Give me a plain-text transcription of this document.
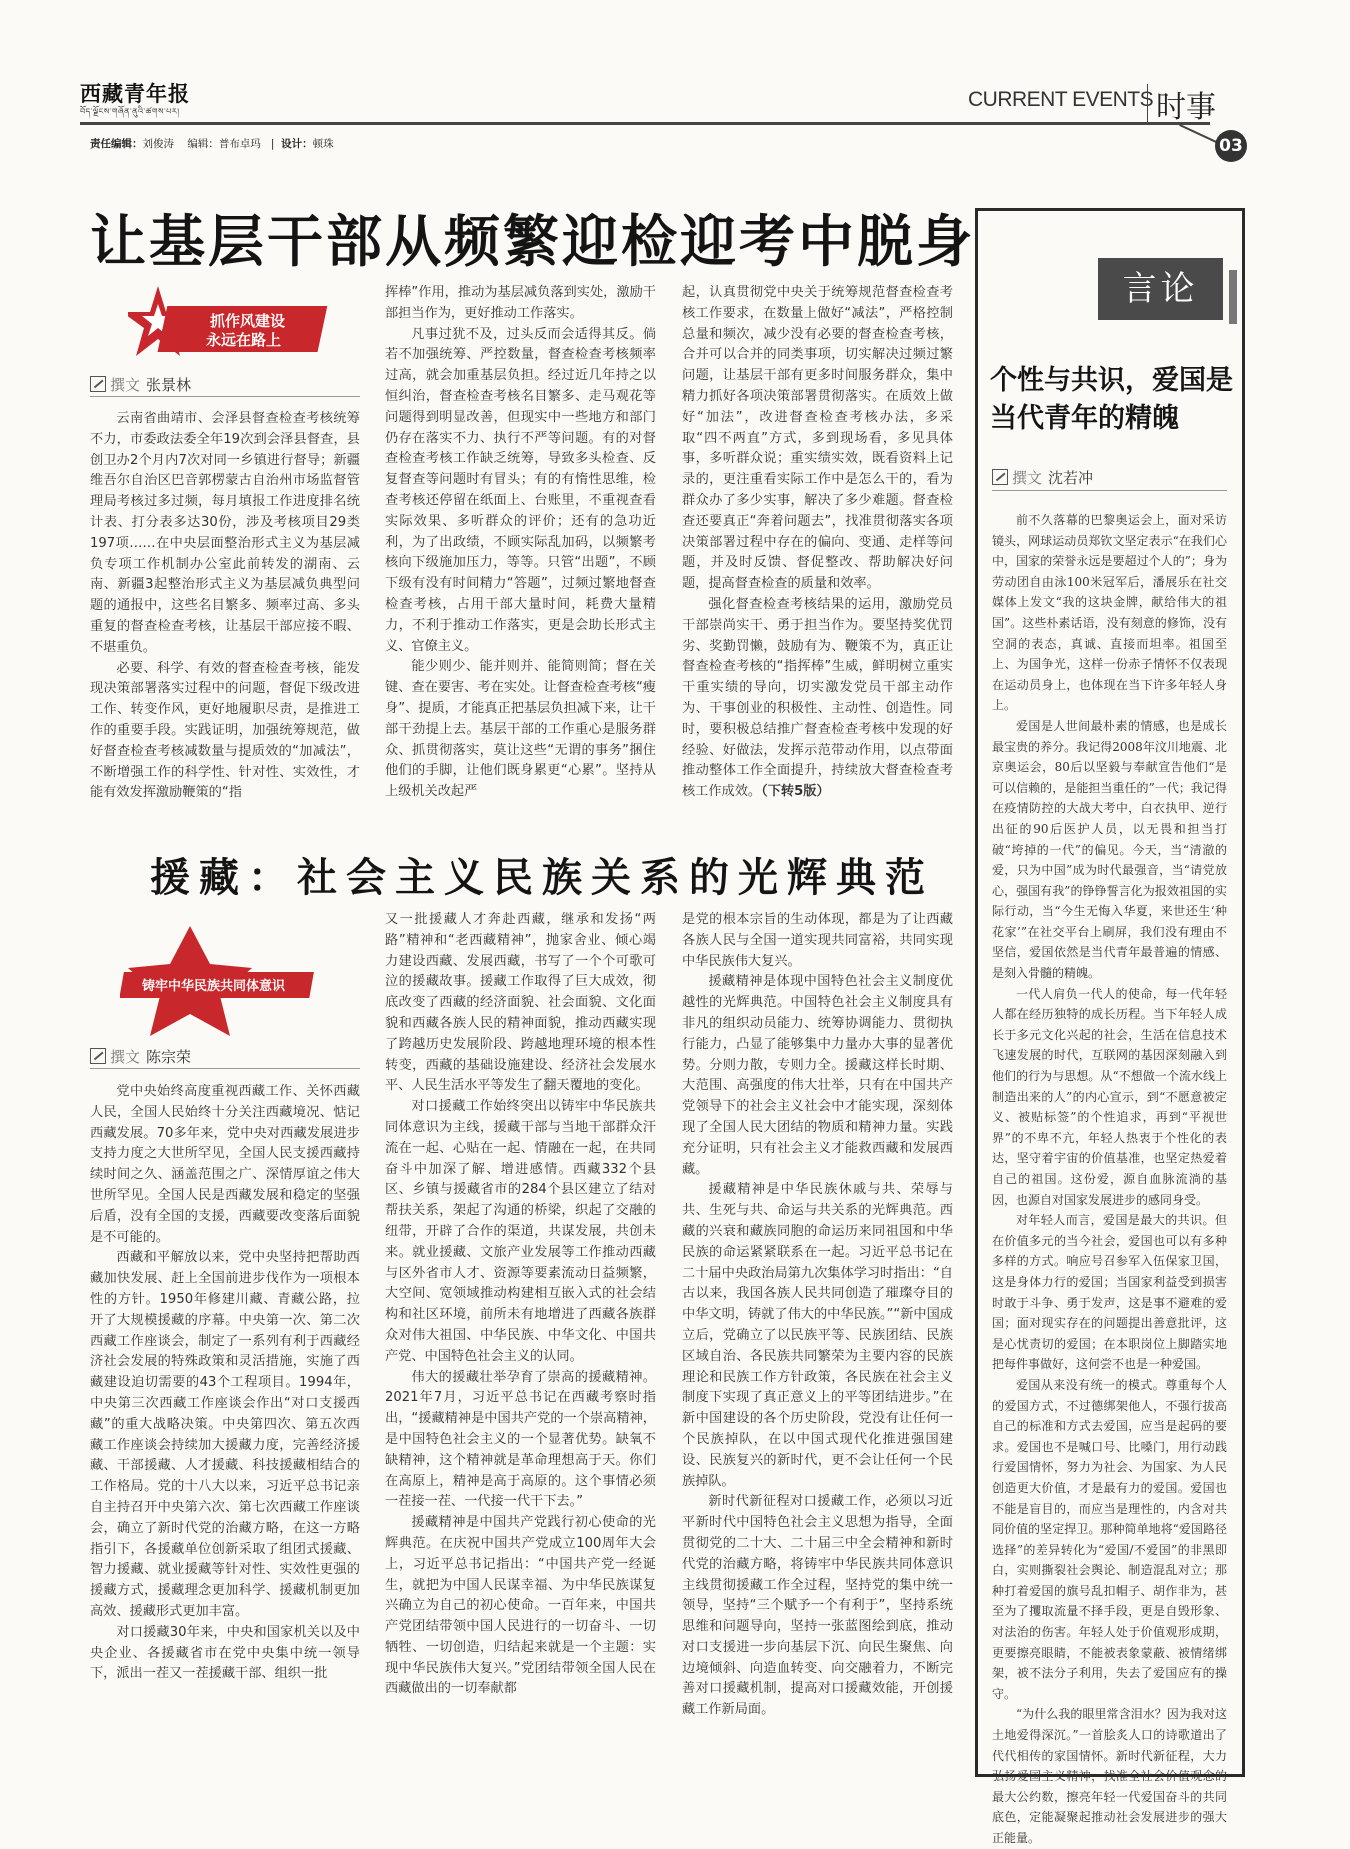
西藏青年报
བོད་ལྗོངས་གཞོན་ནུའི་ཚགས་པར།
CURRENT EVENTS 时事
03
责任编辑：刘俊涛 编辑：普布卓玛   |  设计：顿珠
让基层干部从频繁迎检迎考中脱身
抓作风建设
永远在路上
撰文 张景林

云南省曲靖市、会泽县督查检查考核统筹不力，市委政法委全年19次到会泽县督查，县创卫办2个月内7次对同一乡镇进行督导；新疆维吾尔自治区巴音郭楞蒙古自治州市场监督管理局考核过多过频，每月填报工作进度排名统计表、打分表多达30份，涉及考核项目29类197项……在中央层面整治形式主义为基层减负专项工作机制办公室此前转发的湖南、云南、新疆3起整治形式主义为基层减负典型问题的通报中，这些名目繁多、频率过高、多头重复的督查检查考核，让基层干部应接不暇、不堪重负。

必要、科学、有效的督查检查考核，能发现决策部署落实过程中的问题，督促下级改进工作、转变作风，更好地履职尽责，是推进工作的重要手段。实践证明，加强统筹规范，做好督查检查考核减数量与提质效的“加减法”，不断增强工作的科学性、针对性、实效性，才能有效发挥激励鞭策的“指

挥棒”作用，推动为基层减负落到实处，激励干部担当作为，更好推动工作落实。

凡事过犹不及，过头反而会适得其反。倘若不加强统筹、严控数量，督查检查考核频率过高，就会加重基层负担。经过近几年持之以恒纠治，督查检查考核名目繁多、走马观花等问题得到明显改善，但现实中一些地方和部门仍存在落实不力、执行不严等问题。有的对督查检查考核工作缺乏统筹，导致多头检查、反复督查等问题时有冒头；有的有惰性思维，检查考核还停留在纸面上、台账里，不重视查看实际效果、多听群众的评价；还有的急功近利，为了出政绩，不顾实际乱加码，以频繁考核向下级施加压力，等等。只管“出题”，不顾下级有没有时间精力“答题”，过频过繁地督查检查考核，占用干部大量时间，耗费大量精力，不利于推动工作落实，更是会助长形式主义、官僚主义。

能少则少、能并则并、能简则简；督在关键、查在要害、考在实处。让督查检查考核“瘦身”、提质，才能真正把基层负担减下来，让干部干劲提上去。基层干部的工作重心是服务群众、抓贯彻落实，莫让这些“无谓的事务”捆住他们的手脚，让他们既身累更“心累”。坚持从上级机关改起严

起，认真贯彻党中央关于统筹规范督查检查考核工作要求，在数量上做好“减法”，严格控制总量和频次，减少没有必要的督查检查考核，合并可以合并的同类事项，切实解决过频过繁问题，让基层干部有更多时间服务群众，集中精力抓好各项决策部署贯彻落实。在质效上做好“加法”，改进督查检查考核办法，多采取“四不两直”方式，多到现场看，多见具体事，多听群众说；重实绩实效，既看资料上记录的，更注重看实际工作中是怎么干的，看为群众办了多少实事，解决了多少难题。督查检查还要真正“奔着问题去”，找准贯彻落实各项决策部署过程中存在的偏向、变通、走样等问题，并及时反馈、督促整改、帮助解决好问题，提高督查检查的质量和效率。

强化督查检查考核结果的运用，激励党员干部崇尚实干、勇于担当作为。要坚持奖优罚劣、奖勤罚懒，鼓励有为、鞭策不为，真正让督查检查考核的“指挥棒”生威，鲜明树立重实干重实绩的导向，切实激发党员干部主动作为、干事创业的积极性、主动性、创造性。同时，要积极总结推广督查检查考核中发现的好经验、好做法，发挥示范带动作用，以点带面推动整体工作全面提升，持续放大督查检查考核工作成效。（下转5版）

援藏：社会主义民族关系的光辉典范
铸牢中华民族共同体意识
撰文 陈宗荣

党中央始终高度重视西藏工作、关怀西藏人民，全国人民始终十分关注西藏境况、惦记西藏发展。70多年来，党中央对西藏发展进步支持力度之大世所罕见，全国人民支援西藏持续时间之久、涵盖范围之广、深情厚谊之伟大世所罕见。全国人民是西藏发展和稳定的坚强后盾，没有全国的支援，西藏要改变落后面貌是不可能的。

西藏和平解放以来，党中央坚持把帮助西藏加快发展、赶上全国前进步伐作为一项根本性的方针。1950年修建川藏、青藏公路，拉开了大规模援藏的序幕。中央第一次、第二次西藏工作座谈会，制定了一系列有利于西藏经济社会发展的特殊政策和灵活措施，实施了西藏建设迫切需要的43个工程项目。1994年，中央第三次西藏工作座谈会作出“对口支援西藏”的重大战略决策。中央第四次、第五次西藏工作座谈会持续加大援藏力度，完善经济援藏、干部援藏、人才援藏、科技援藏相结合的工作格局。党的十八大以来，习近平总书记亲自主持召开中央第六次、第七次西藏工作座谈会，确立了新时代党的治藏方略，在这一方略指引下，各援藏单位创新采取了组团式援藏、智力援藏、就业援藏等针对性、实效性更强的援藏方式，援藏理念更加科学、援藏机制更加高效、援藏形式更加丰富。

对口援藏30年来，中央和国家机关以及中央企业、各援藏省市在党中央集中统一领导下，派出一茬又一茬援藏干部、组织一批

又一批援藏人才奔赴西藏，继承和发扬“两路”精神和“老西藏精神”，抛家舍业、倾心竭力建设西藏、发展西藏，书写了一个个可歌可泣的援藏故事。援藏工作取得了巨大成效，彻底改变了西藏的经济面貌、社会面貌、文化面貌和西藏各族人民的精神面貌，推动西藏实现了跨越历史发展阶段、跨越地理环境的根本性转变，西藏的基础设施建设、经济社会发展水平、人民生活水平等发生了翻天覆地的变化。

对口援藏工作始终突出以铸牢中华民族共同体意识为主线，援藏干部与当地干部群众汗流在一起、心贴在一起、情融在一起，在共同奋斗中加深了解、增进感情。西藏332个县区、乡镇与援藏省市的284个县区建立了结对帮扶关系，架起了沟通的桥梁，织起了交融的纽带，开辟了合作的渠道，共谋发展，共创未来。就业援藏、文旅产业发展等工作推动西藏与区外省市人才、资源等要素流动日益频繁，大空间、宽领域推动构建相互嵌入式的社会结构和社区环境，前所未有地增进了西藏各族群众对伟大祖国、中华民族、中华文化、中国共产党、中国特色社会主义的认同。

伟大的援藏壮举孕育了崇高的援藏精神。2021年7月，习近平总书记在西藏考察时指出，“援藏精神是中国共产党的一个崇高精神，是中国特色社会主义的一个显著优势。缺氧不缺精神，这个精神就是革命理想高于天。你们在高原上，精神是高于高原的。这个事情必须一茬接一茬、一代接一代干下去。”

援藏精神是中国共产党践行初心使命的光辉典范。在庆祝中国共产党成立100周年大会上，习近平总书记指出：“中国共产党一经诞生，就把为中国人民谋幸福、为中华民族谋复兴确立为自己的初心使命。一百年来，中国共产党团结带领中国人民进行的一切奋斗、一切牺牲、一切创造，归结起来就是一个主题：实现中华民族伟大复兴。”党团结带领全国人民在西藏做出的一切奉献都

是党的根本宗旨的生动体现，都是为了让西藏各族人民与全国一道实现共同富裕，共同实现中华民族伟大复兴。

援藏精神是体现中国特色社会主义制度优越性的光辉典范。中国特色社会主义制度具有非凡的组织动员能力、统筹协调能力、贯彻执行能力，凸显了能够集中力量办大事的显著优势。分则力散，专则力全。援藏这样长时期、大范围、高强度的伟大壮举，只有在中国共产党领导下的社会主义社会中才能实现，深刻体现了全国人民大团结的物质和精神力量。实践充分证明，只有社会主义才能救西藏和发展西藏。

援藏精神是中华民族休戚与共、荣辱与共、生死与共、命运与共关系的光辉典范。西藏的兴衰和藏族同胞的命运历来同祖国和中华民族的命运紧紧联系在一起。习近平总书记在二十届中央政治局第九次集体学习时指出：“自古以来，我国各族人民共同创造了璀璨夺目的中华文明，铸就了伟大的中华民族。”“新中国成立后，党确立了以民族平等、民族团结、民族区域自治、各民族共同繁荣为主要内容的民族理论和民族工作方针政策，各民族在社会主义制度下实现了真正意义上的平等团结进步。”在新中国建设的各个历史阶段，党没有让任何一个民族掉队，在以中国式现代化推进强国建设、民族复兴的新时代，更不会让任何一个民族掉队。

新时代新征程对口援藏工作，必须以习近平新时代中国特色社会主义思想为指导，全面贯彻党的二十大、二十届三中全会精神和新时代党的治藏方略，将铸牢中华民族共同体意识主线贯彻援藏工作全过程，坚持党的集中统一领导，坚持“三个赋予一个有利于”，坚持系统思维和问题导向，坚持一张蓝图绘到底，推动对口支援进一步向基层下沉、向民生聚焦、向边境倾斜、向造血转变、向交融着力，不断完善对口援藏机制，提高对口援藏效能，开创援藏工作新局面。

言论
个性与共识，爱国是当代青年的精魄
撰文 沈若冲

前不久落幕的巴黎奥运会上，面对采访镜头，网球运动员郑钦文坚定表示“在我们心中，国家的荣誉永远是要超过个人的”；身为劳动团自由泳100米冠军后，潘展乐在社交媒体上发文“我的这块金牌，献给伟大的祖国”。这些朴素话语，没有刻意的修饰，没有空洞的表态，真诚、直接而坦率。祖国至上、为国争光，这样一份赤子情怀不仅表现在运动员身上，也体现在当下许多年轻人身上。

爱国是人世间最朴素的情感，也是成长最宝贵的养分。我记得2008年汶川地震、北京奥运会，80后以坚毅与奉献宣告他们“是可以信赖的，是能担当重任的”一代；我记得在疫情防控的大战大考中，白衣执甲、逆行出征的90后医护人员，以无畏和担当打破“垮掉的一代”的偏见。今天，当“清澈的爱，只为中国”成为时代最强音，当“请党放心，强国有我”的铮铮誓言化为报效祖国的实际行动，当“今生无悔入华夏，来世还生‘种花家’”在社交平台上刷屏，我们没有理由不坚信，爱国依然是当代青年最普遍的情感、是刻入骨髓的精魄。

一代人肩负一代人的使命，每一代年轻人都在经历独特的成长历程。当下年轻人成长于多元文化兴起的社会，生活在信息技术飞速发展的时代，互联网的基因深刻融入到他们的行为与思想。从“不想做一个流水线上制造出来的人”的内心宣示，到“不愿意被定义、被贴标签”的个性追求，再到“平视世界”的不卑不亢，年轻人热衷于个性化的表达，坚守着宇宙的价值基准，也坚定热爱着自己的祖国。这份爱，源自血脉流淌的基因，也源自对国家发展进步的感同身受。

对年轻人而言，爱国是最大的共识。但在价值多元的当今社会，爱国也可以有多种多样的方式。响应号召参军入伍保家卫国，这是身体力行的爱国；当国家利益受到损害时敢于斗争、勇于发声，这是事不避难的爱国；面对现实存在的问题提出善意批评，这是心忧责切的爱国；在本职岗位上脚踏实地把每件事做好，这何尝不也是一种爱国。

爱国从来没有统一的模式。尊重每个人的爱国方式，不过德绑架他人，不强行拔高自己的标准和方式去爱国，应当是起码的要求。爱国也不是喊口号、比嗓门，用行动践行爱国情怀，努力为社会、为国家、为人民创造更大价值，才是最有力的爱国。爱国也不能是盲目的，而应当是理性的，内含对共同价值的坚定捍卫。那种简单地将“爱国路径选择”的差异转化为“爱国/不爱国”的非黑即白，实则撕裂社会舆论、制造混乱对立；那种打着爱国的旗号乱扣帽子、胡作非为，甚至为了攫取流量不择手段，更是自毁形象、对法治的伤害。年轻人处于价值观形成期，更要擦亮眼睛，不能被表象蒙蔽、被情绪绑架，被不法分子利用，失去了爱国应有的操守。

“为什么我的眼里常含泪水？因为我对这土地爱得深沉。”一首脍炙人口的诗歌道出了代代相传的家国情怀。新时代新征程，大力弘扬爱国主义精神，找准全社会价值观念的最大公约数，擦亮年轻一代爱国奋斗的共同底色，定能凝聚起推动社会发展进步的强大正能量。
